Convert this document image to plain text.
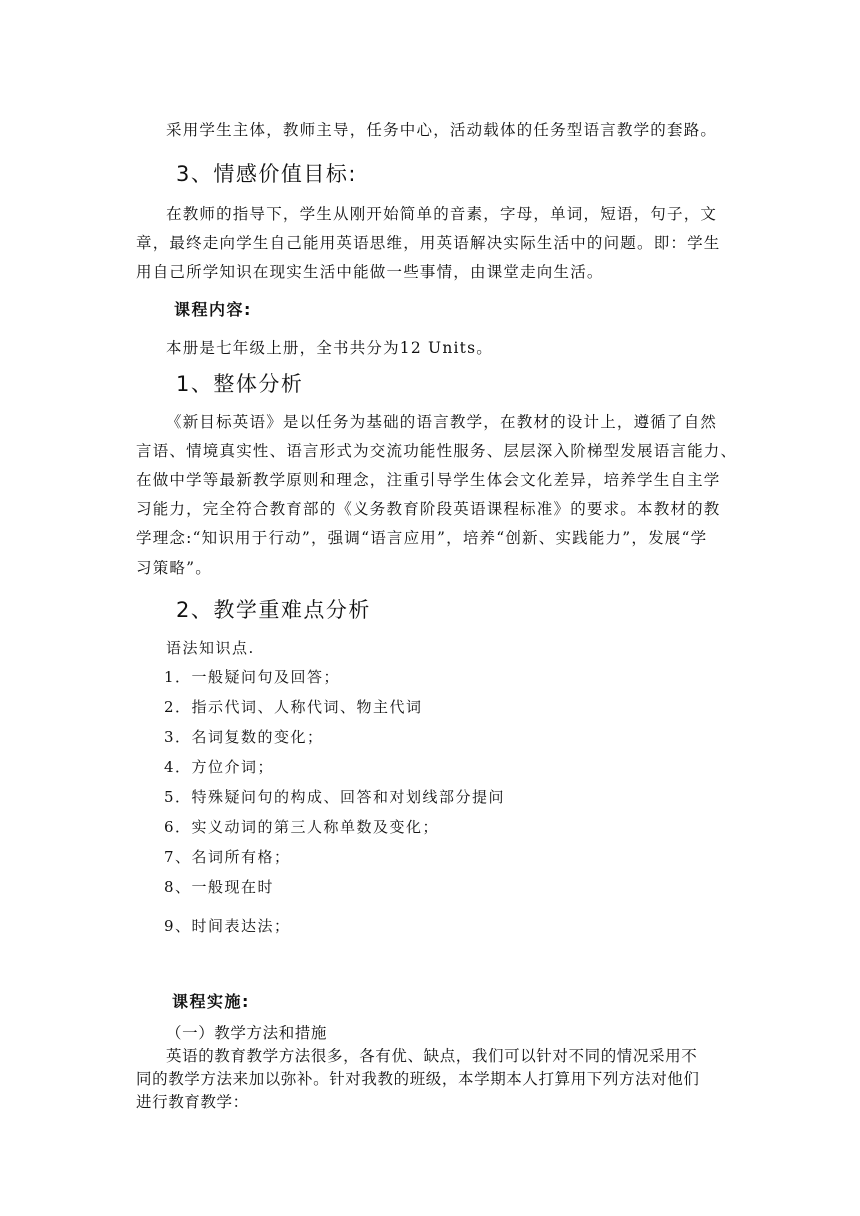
采用学生主体，教师主导，任务中心，活动载体的任务型语言教学的套路。
3、情感价值目标:
在教师的指导下，学生从刚开始简单的音素，字母，单词，短语，句子，文
章，最终走向学生自己能用英语思维，用英语解决实际生活中的问题。即：学生
用自己所学知识在现实生活中能做一些事情，由课堂走向生活。
课程内容:
本册是七年级上册，全书共分为12 Units。
1、整体分析
《新目标英语》是以任务为基础的语言教学，在教材的设计上，遵循了自然
言语、情境真实性、语言形式为交流功能性服务、层层深入阶梯型发展语言能力、
在做中学等最新教学原则和理念，注重引导学生体会文化差异，培养学生自主学
习能力，完全符合教育部的《义务教育阶段英语课程标准》的要求。本教材的教
学理念:“知识用于行动”，强调“语言应用”，培养“创新、实践能力”，发展“学
习策略”。
2、教学重难点分析
语法知识点.
1．一般疑问句及回答；
2．指示代词、人称代词、物主代词
3．名词复数的变化；
4．方位介词；
5．特殊疑问句的构成、回答和对划线部分提问
6．实义动词的第三人称单数及变化；
7、名词所有格；
8、一般现在时
9、时间表达法；
课程实施:
（一）教学方法和措施
英语的教育教学方法很多，各有优、缺点，我们可以针对不同的情况采用不
同的教学方法来加以弥补。针对我教的班级，本学期本人打算用下列方法对他们
进行教育教学：
